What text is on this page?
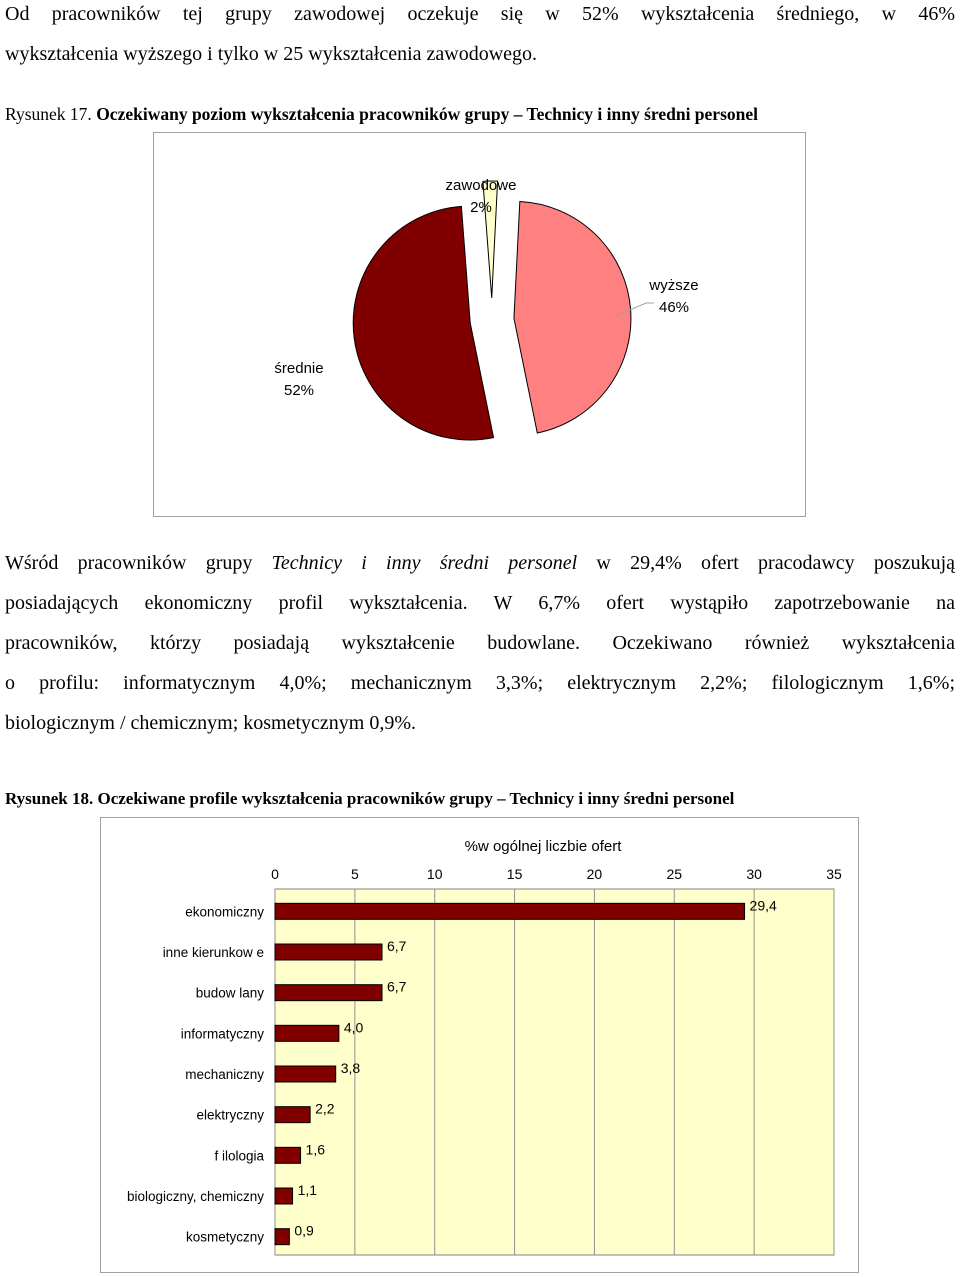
Od pracowników tej grupy zawodowej oczekuje się w 52% wykształcenia średniego, w 46%
wykształcenia wyższego i tylko w 25 wykształcenia zawodowego.
Rysunek 17. Oczekiwany poziom wykształcenia pracowników grupy – Technicy i inny średni personel
zawodowe
2%
wyższe
46%
średnie
52%
Wśród pracowników grupy Technicy i inny średni personel w 29,4% ofert pracodawcy poszukują
posiadających ekonomiczny profil wykształcenia. W 6,7% ofert wystąpiło zapotrzebowanie na
pracowników, którzy posiadają wykształcenie budowlane. Oczekiwano również wykształcenia
o profilu: informatycznym 4,0%; mechanicznym 3,3%; elektrycznym 2,2%; filologicznym 1,6%;
biologicznym / chemicznym; kosmetycznym 0,9%.
Rysunek 18. Oczekiwane profile wykształcenia pracowników grupy – Technicy i inny średni personel
%w ogólnej liczbie ofert
0	5	10	15	20	25	30	35
ekonomiczny
inne kierunkow e
budow lany
informatyczny
mechaniczny
elektryczny
f ilologia
biologiczny, chemiczny
kosmetyczny
29,4
6,7
6,7
4,0
3,8
2,2
1,6
1,1
0,9
